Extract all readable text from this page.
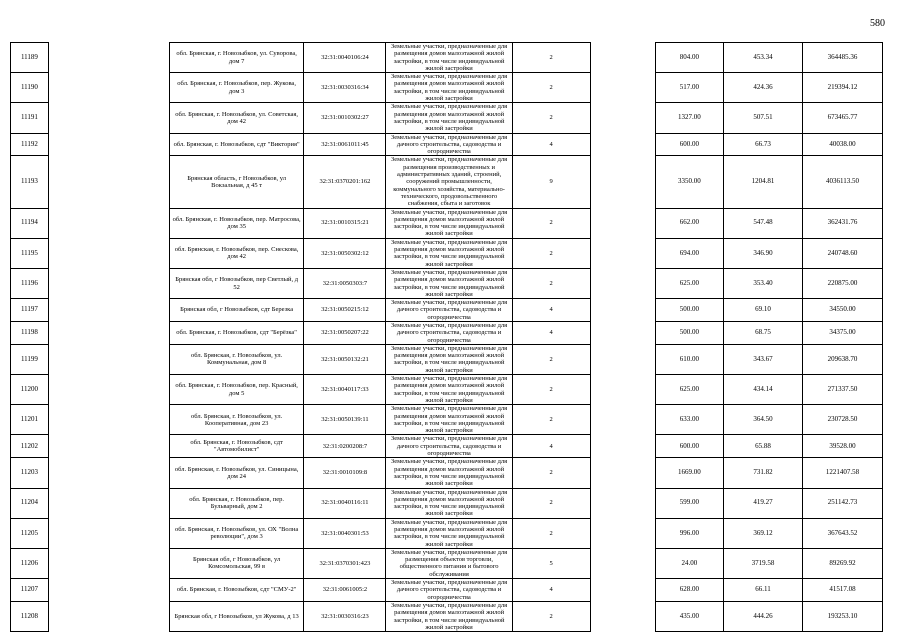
580
11189		обл. Брянская, г. Новозыбков, ул. Суворова, дом 7	32:31:0040106:24	Земельные участки, предназначенные для размещения домов малоэтажной жилой застройки, в том числе индивидуальной жилой застройки	2		804.00	453.34	364485.36
11190		обл. Брянская, г. Новозыбков, пер. Жукова, дом 3	32:31:0030316:34	Земельные участки, предназначенные для размещения домов малоэтажной жилой застройки, в том числе индивидуальной жилой застройки	2		517.00	424.36	219394.12
11191		обл. Брянская, г. Новозыбков, ул. Советская, дом 42	32:31:0010302:27	Земельные участки, предназначенные для размещения домов малоэтажной жилой застройки, в том числе индивидуальной жилой застройки	2		1327.00	507.51	673465.77
11192		обл. Брянская, г. Новозыбков, сдт "Виктория"	32:31:0061011:45	Земельные участки, предназначенные для дачного строительства, садоводства и огородничества	4		600.00	66.73	40038.00
11193		Брянская область, г Новозыбков, ул Вокзальная, д 45 т	32:31:0370201:162	Земельные участки, предназначенные для размещения производственных и административных зданий, строений, сооружений промышленности, коммунального хозяйства, материально-технического, продовольственного снабжения, сбыта и заготовок	9		3350.00	1204.81	4036113.50
11194		обл. Брянская, г. Новозыбков, пер. Матросова, дом 35	32:31:0010315:21	Земельные участки, предназначенные для размещения домов малоэтажной жилой застройки, в том числе индивидуальной жилой застройки	2		662.00	547.48	362431.76
11195		обл. Брянская, г. Новозыбков, пер. Снескова, дом 42	32:31:0050302:12	Земельные участки, предназначенные для размещения домов малоэтажной жилой застройки, в том числе индивидуальной жилой застройки	2		694.00	346.90	240748.60
11196		Брянская обл, г Новозыбков, пер Светлый, д 52	32:31:0050303:7	Земельные участки, предназначенные для размещения домов малоэтажной жилой застройки, в том числе индивидуальной жилой застройки	2		625.00	353.40	220875.00
11197		Брянская обл, г Новозыбков, сдт Березка	32:31:0050215:12	Земельные участки, предназначенные для дачного строительства, садоводства и огородничества	4		500.00	69.10	34550.00
11198		обл. Брянская, г. Новозыбков, сдт "Берёзка"	32:31:0050207:22	Земельные участки, предназначенные для дачного строительства, садоводства и огородничества	4		500.00	68.75	34375.00
11199		обл. Брянская, г. Новозыбков, ул. Коммунальная, дом 8	32:31:0050132:21	Земельные участки, предназначенные для размещения домов малоэтажной жилой застройки, в том числе индивидуальной жилой застройки	2		610.00	343.67	209638.70
11200		обл. Брянская, г. Новозыбков, пер. Красный, дом 5	32:31:0040117:33	Земельные участки, предназначенные для размещения домов малоэтажной жилой застройки, в том числе индивидуальной жилой застройки	2		625.00	434.14	271337.50
11201		обл. Брянская, г. Новозыбков, ул. Кооперативная, дом 23	32:31:0050139:11	Земельные участки, предназначенные для размещения домов малоэтажной жилой застройки, в том числе индивидуальной жилой застройки	2		633.00	364.50	230728.50
11202		обл. Брянская, г. Новозыбков, сдт "Автомобилист"	32:31:0200208:7	Земельные участки, предназначенные для дачного строительства, садоводства и огородничества	4		600.00	65.88	39528.00
11203		обл. Брянская, г. Новозыбков, ул. Синицына, дом 24	32:31:0010109:8	Земельные участки, предназначенные для размещения домов малоэтажной жилой застройки, в том числе индивидуальной жилой застройки	2		1669.00	731.82	1221407.58
11204		обл. Брянская, г. Новозыбков, пер. Бульварный, дом 2	32:31:0040116:11	Земельные участки, предназначенные для размещения домов малоэтажной жилой застройки, в том числе индивидуальной жилой застройки	2		599.00	419.27	251142.73
11205		обл. Брянская, г. Новозыбков, ул. ОХ "Волна революции", дом 3	32:31:0040301:53	Земельные участки, предназначенные для размещения домов малоэтажной жилой застройки, в том числе индивидуальной жилой застройки	2		996.00	369.12	367643.52
11206		Брянская обл, г Новозыбков, ул Комсомольская, 99 в	32:31:0370301:423	Земельные участки, предназначенные для размещения объектов торговли, общественного питания и бытового обслуживания	5		24.00	3719.58	89269.92
11207		обл. Брянская, г. Новозыбков, сдт "СМУ-2"	32:31:0061005:2	Земельные участки, предназначенные для дачного строительства, садоводства и огородничества	4		628.00	66.11	41517.08
11208		Брянская обл, г Новозыбков, ул Жукова, д 13	32:31:0030316:23	Земельные участки, предназначенные для размещения домов малоэтажной жилой застройки, в том числе индивидуальной жилой застройки	2		435.00	444.26	193253.10
